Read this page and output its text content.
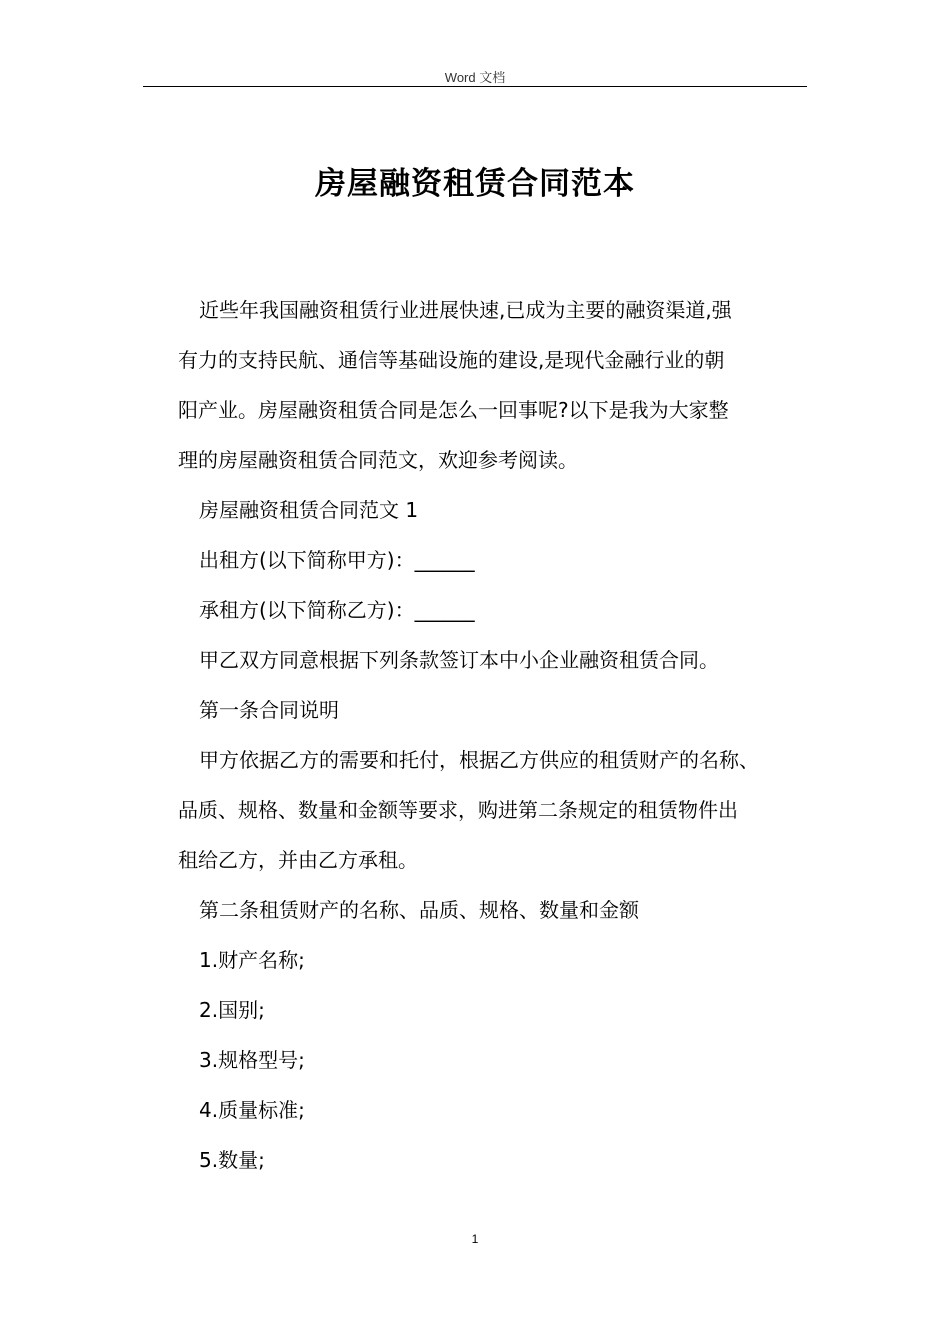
Word 文档
房屋融资租赁合同范本
近些年我国融资租赁行业进展快速,已成为主要的融资渠道,强
有力的支持民航、通信等基础设施的建设,是现代金融行业的朝
阳产业。房屋融资租赁合同是怎么一回事呢?以下是我为大家整
理的房屋融资租赁合同范文，欢迎参考阅读。
房屋融资租赁合同范文 1
出租方(以下简称甲方)：______
承租方(以下简称乙方)：______
甲乙双方同意根据下列条款签订本中小企业融资租赁合同。
第一条合同说明
甲方依据乙方的需要和托付，根据乙方供应的租赁财产的名称、
品质、规格、数量和金额等要求，购进第二条规定的租赁物件出
租给乙方，并由乙方承租。
第二条租赁财产的名称、品质、规格、数量和金额
1.财产名称;
2.国别;
3.规格型号;
4.质量标准;
5.数量;
1
